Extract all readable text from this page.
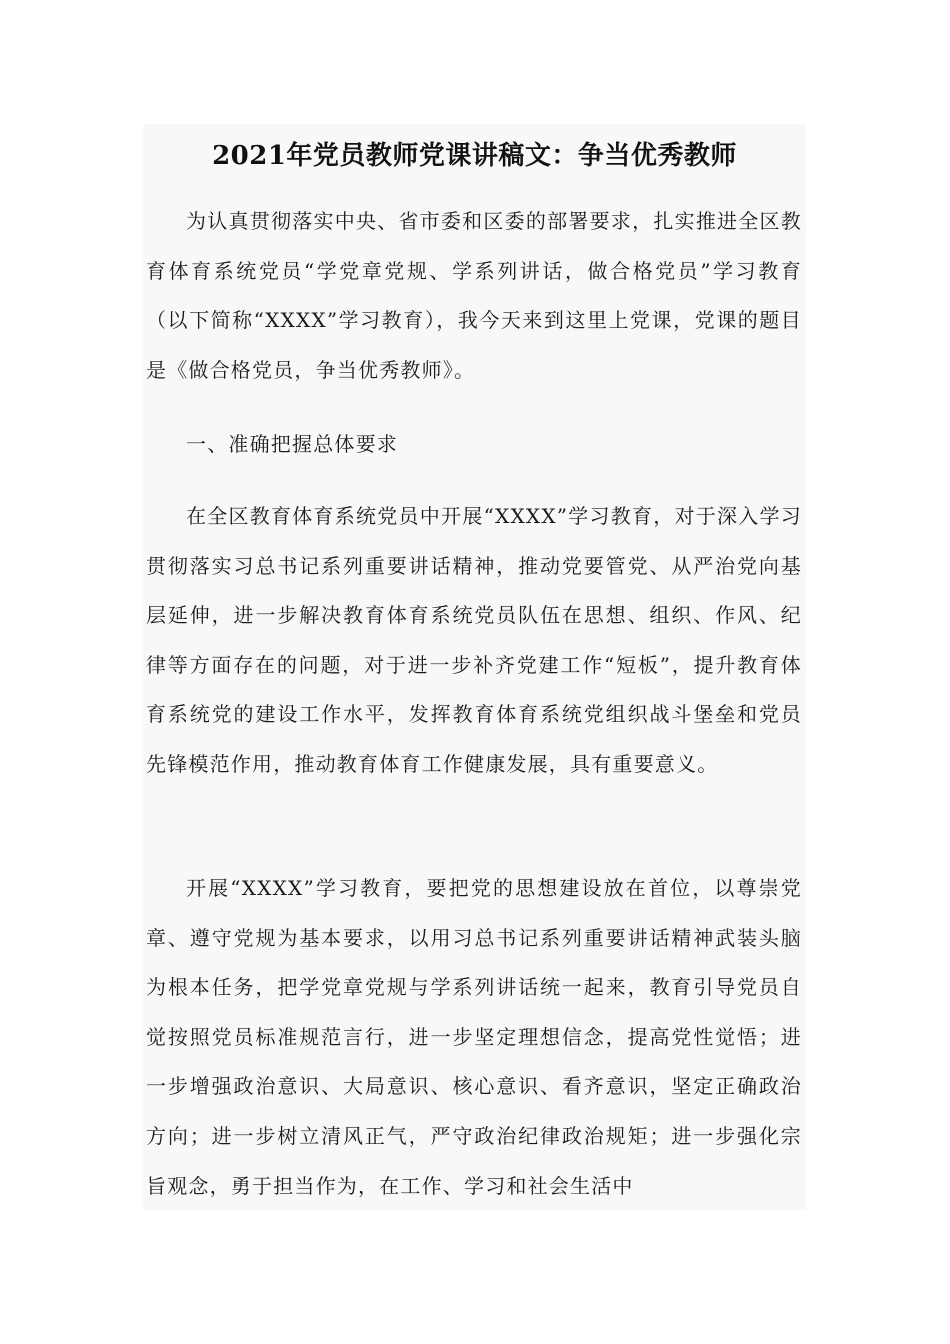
2021年党员教师党课讲稿文：争当优秀教师

为认真贯彻落实中央、省市委和区委的部署要求，扎实推进全区教育体育系统党员“学党章党规、学系列讲话，做合格党员”学习教育（以下简称“XXXX”学习教育），我今天来到这里上党课，党课的题目是《做合格党员，争当优秀教师》。

一、准确把握总体要求

在全区教育体育系统党员中开展“XXXX”学习教育，对于深入学习贯彻落实习总书记系列重要讲话精神，推动党要管党、从严治党向基层延伸，进一步解决教育体育系统党员队伍在思想、组织、作风、纪律等方面存在的问题，对于进一步补齐党建工作“短板”，提升教育体育系统党的建设工作水平，发挥教育体育系统党组织战斗堡垒和党员先锋模范作用，推动教育体育工作健康发展，具有重要意义。

开展“XXXX”学习教育，要把党的思想建设放在首位，以尊崇党章、遵守党规为基本要求，以用习总书记系列重要讲话精神武装头脑为根本任务，把学党章党规与学系列讲话统一起来，教育引导党员自觉按照党员标准规范言行，进一步坚定理想信念，提高党性觉悟；进一步增强政治意识、大局意识、核心意识、看齐意识，坚定正确政治方向；进一步树立清风正气，严守政治纪律政治规矩；进一步强化宗旨观念，勇于担当作为，在工作、学习和社会生活中
